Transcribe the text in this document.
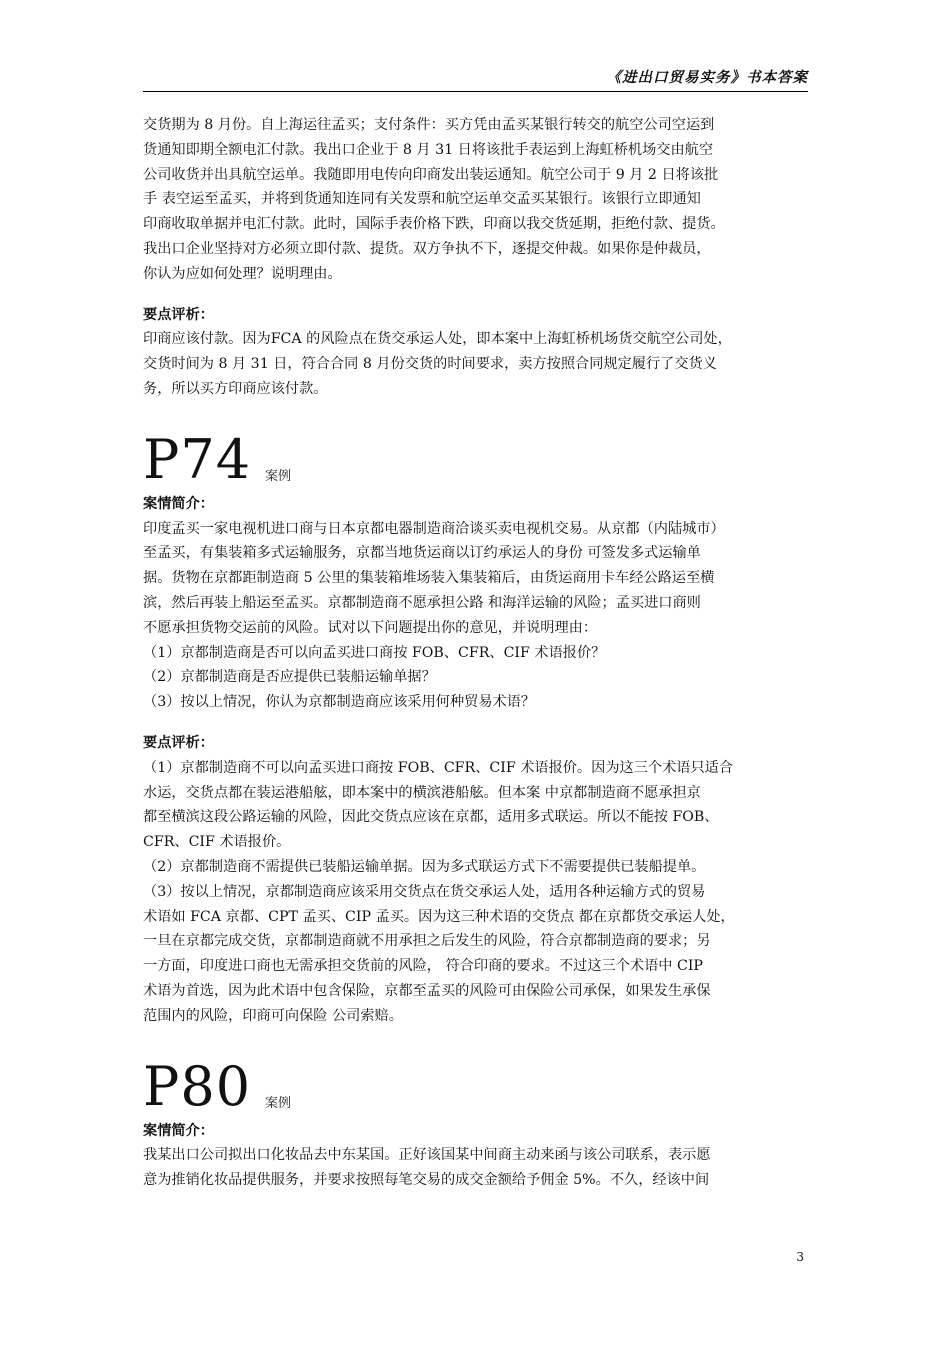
《进出口贸易实务》书本答案

交货期为 8 月份。自上海运往孟买；支付条件：买方凭由孟买某银行转交的航空公司空运到
货通知即期全额电汇付款。我出口企业于 8 月 31 日将该批手表运到上海虹桥机场交由航空
公司收货并出具航空运单。我随即用电传向印商发出装运通知。航空公司于 9 月 2 日将该批
手 表空运至孟买，并将到货通知连同有关发票和航空运单交孟买某银行。该银行立即通知
印商收取单据并电汇付款。此时，国际手表价格下跌，印商以我交货延期，拒绝付款、提货。
我出口企业坚持对方必须立即付款、提货。双方争执不下，逐提交仲裁。如果你是仲裁员，
你认为应如何处理？说明理由。

要点评析：

印商应该付款。因为FCA 的风险点在货交承运人处，即本案中上海虹桥机场货交航空公司处，
交货时间为 8 月 31 日，符合合同 8 月份交货的时间要求，卖方按照合同规定履行了交货义
务，所以买方印商应该付款。

P74 案例

案情简介：

印度孟买一家电视机进口商与日本京都电器制造商洽谈买卖电视机交易。从京都（内陆城市）
至孟买，有集装箱多式运输服务，京都当地货运商以订约承运人的身份 可签发多式运输单
据。货物在京都距制造商 5 公里的集装箱堆场装入集装箱后，由货运商用卡车经公路运至横
滨，然后再装上船运至孟买。京都制造商不愿承担公路 和海洋运输的风险；孟买进口商则
不愿承担货物交运前的风险。试对以下问题提出你的意见，并说明理由：

（1）京都制造商是否可以向孟买进口商按 FOB、CFR、CIF 术语报价？

（2）京都制造商是否应提供已装船运输单据？

（3）按以上情况，你认为京都制造商应该采用何种贸易术语？

要点评析：

（1）京都制造商不可以向孟买进口商按 FOB、CFR、CIF 术语报价。因为这三个术语只适合
水运，交货点都在装运港船舷，即本案中的横滨港船舷。但本案 中京都制造商不愿承担京
都至横滨这段公路运输的风险，因此交货点应该在京都，适用多式联运。所以不能按 FOB、
CFR、CIF 术语报价。

（2）京都制造商不需提供已装船运输单据。因为多式联运方式下不需要提供已装船提单。

（3）按以上情况，京都制造商应该采用交货点在货交承运人处，适用各种运输方式的贸易
术语如 FCA 京都、CPT 孟买、CIP 孟买。因为这三种术语的交货点 都在京都货交承运人处，
一旦在京都完成交货，京都制造商就不用承担之后发生的风险，符合京都制造商的要求；另
一方面，印度进口商也无需承担交货前的风险， 符合印商的要求。不过这三个术语中 CIP
术语为首选，因为此术语中包含保险，京都至孟买的风险可由保险公司承保，如果发生承保
范围内的风险，印商可向保险 公司索赔。

P80 案例

案情简介：

我某出口公司拟出口化妆品去中东某国。正好该国某中间商主动来函与该公司联系，表示愿
意为推销化妆品提供服务，并要求按照每笔交易的成交金额给予佣金 5%。不久，经该中间

3
